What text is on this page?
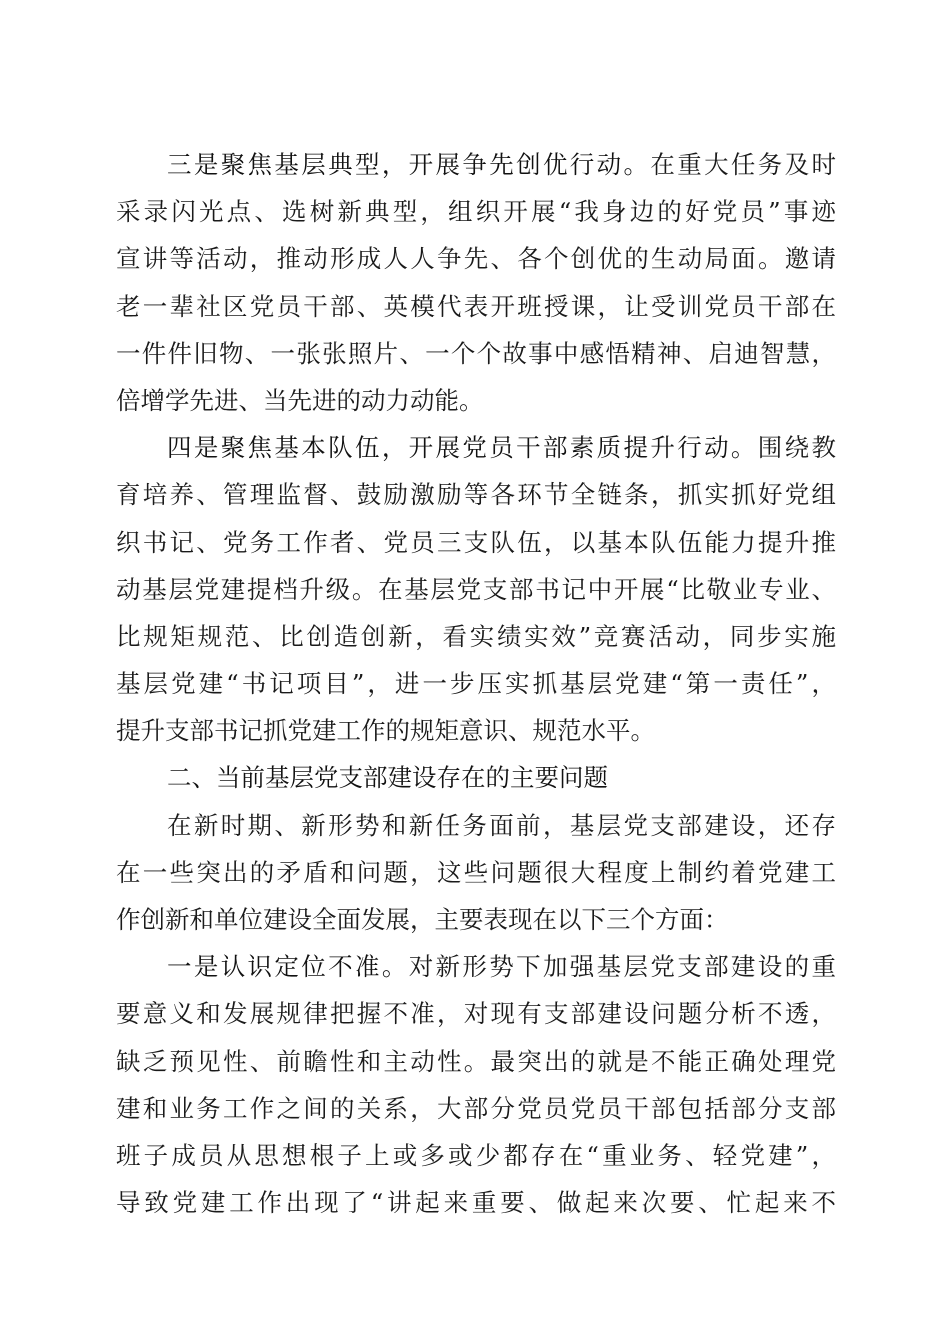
三是聚焦基层典型，开展争先创优行动。在重大任务及时
采录闪光点、选树新典型，组织开展“我身边的好党员”事迹
宣讲等活动，推动形成人人争先、各个创优的生动局面。邀请
老一辈社区党员干部、英模代表开班授课，让受训党员干部在
一件件旧物、一张张照片、一个个故事中感悟精神、启迪智慧，
倍增学先进、当先进的动力动能。
四是聚焦基本队伍，开展党员干部素质提升行动。围绕教
育培养、管理监督、鼓励激励等各环节全链条，抓实抓好党组
织书记、党务工作者、党员三支队伍，以基本队伍能力提升推
动基层党建提档升级。在基层党支部书记中开展“比敬业专业、
比规矩规范、比创造创新，看实绩实效”竞赛活动，同步实施
基层党建“书记项目”，进一步压实抓基层党建“第一责任”，
提升支部书记抓党建工作的规矩意识、规范水平。
二、当前基层党支部建设存在的主要问题
在新时期、新形势和新任务面前，基层党支部建设，还存
在一些突出的矛盾和问题，这些问题很大程度上制约着党建工
作创新和单位建设全面发展，主要表现在以下三个方面：
一是认识定位不准。对新形势下加强基层党支部建设的重
要意义和发展规律把握不准，对现有支部建设问题分析不透，
缺乏预见性、前瞻性和主动性。最突出的就是不能正确处理党
建和业务工作之间的关系，大部分党员党员干部包括部分支部
班子成员从思想根子上或多或少都存在“重业务、轻党建”，
导致党建工作出现了“讲起来重要、做起来次要、忙起来不
